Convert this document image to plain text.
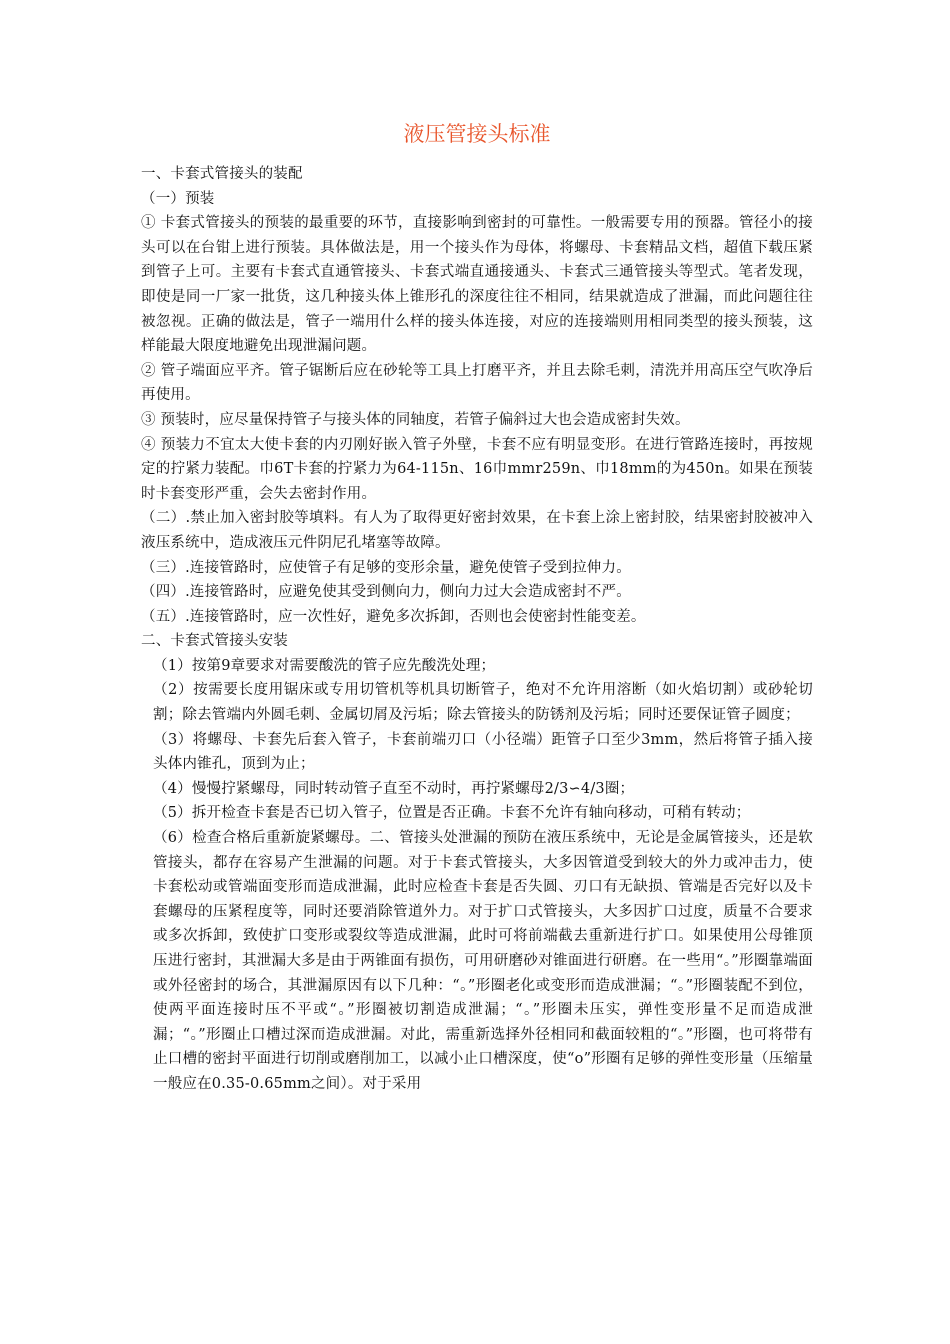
液压管接头标准

一、卡套式管接头的装配

（一）预装

① 卡套式管接头的预装的最重要的环节，直接影响到密封的可靠性。一般需要专用的预器。管径小的接头可以在台钳上进行预装。具体做法是，用一个接头作为母体，将螺母、卡套精品文档，超值下载压紧到管子上可。主要有卡套式直通管接头、卡套式端直通接通头、卡套式三通管接头等型式。笔者发现，即使是同一厂家一批货，这几种接头体上锥形孔的深度往往不相同，结果就造成了泄漏，而此问题往往被忽视。正确的做法是，管子一端用什么样的接头体连接，对应的连接端则用相同类型的接头预装，这样能最大限度地避免出现泄漏问题。

② 管子端面应平齐。管子锯断后应在砂轮等工具上打磨平齐，并且去除毛刺，清洗并用高压空气吹净后再使用。

③ 预装时，应尽量保持管子与接头体的同轴度，若管子偏斜过大也会造成密封失效。

④ 预装力不宜太大使卡套的内刃刚好嵌入管子外壁，卡套不应有明显变形。在进行管路连接时，再按规定的拧紧力装配。巾6T卡套的拧紧力为64-115n、16巾mmr259n、巾18mm的为450n。如果在预装时卡套变形严重，会失去密封作用。

（二）.禁止加入密封胶等填料。有人为了取得更好密封效果，在卡套上涂上密封胶，结果密封胶被冲入液压系统中，造成液压元件阴尼孔堵塞等故障。

（三）.连接管路时，应使管子有足够的变形余量，避免使管子受到拉伸力。

（四）.连接管路时，应避免使其受到侧向力，侧向力过大会造成密封不严。

（五）.连接管路时，应一次性好，避免多次拆卸，否则也会使密封性能变差。

二、卡套式管接头安装

（1）按第9章要求对需要酸洗的管子应先酸洗处理；

（2）按需要长度用锯床或专用切管机等机具切断管子，绝对不允许用溶断（如火焰切割）或砂轮切割；除去管端内外圆毛刺、金属切屑及污垢；除去管接头的防锈剂及污垢；同时还要保证管子圆度；

（3）将螺母、卡套先后套入管子，卡套前端刃口（小径端）距管子口至少3mm，然后将管子插入接头体内锥孔，顶到为止；

（4）慢慢拧紧螺母，同时转动管子直至不动时，再拧紧螺母2/3∽4/3圈；

（5）拆开检查卡套是否已切入管子，位置是否正确。卡套不允许有轴向移动，可稍有转动；

（6）检查合格后重新旋紧螺母。二、管接头处泄漏的预防在液压系统中，无论是金属管接头，还是软管接头，都存在容易产生泄漏的问题。对于卡套式管接头，大多因管道受到较大的外力或冲击力，使卡套松动或管端面变形而造成泄漏，此时应检查卡套是否失圆、刃口有无缺损、管端是否完好以及卡套螺母的压紧程度等，同时还要消除管道外力。对于扩口式管接头，大多因扩口过度，质量不合要求或多次拆卸，致使扩口变形或裂纹等造成泄漏，此时可将前端截去重新进行扩口。如果使用公母锥顶压进行密封，其泄漏大多是由于两锥面有损伤，可用研磨砂对锥面进行研磨。在一些用“。”形圈靠端面或外径密封的场合，其泄漏原因有以下几种：“。”形圈老化或变形而造成泄漏；“。”形圈装配不到位，使两平面连接时压不平或“。”形圈被切割造成泄漏；“。”形圈未压实，弹性变形量不足而造成泄漏；“。”形圈止口槽过深而造成泄漏。对此，需重新选择外径相同和截面较粗的“。”形圈，也可将带有止口槽的密封平面进行切削或磨削加工，以减小止口槽深度，使“o”形圈有足够的弹性变形量（压缩量一般应在0.35-0.65mm之间）。对于采用
